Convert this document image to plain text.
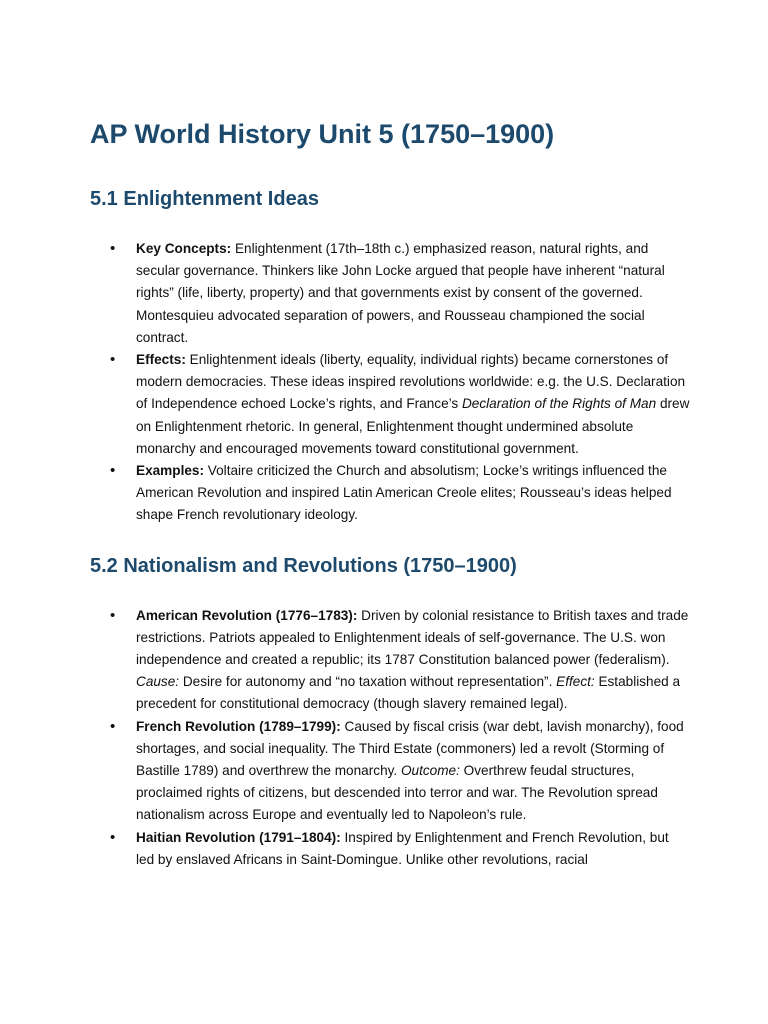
AP World History Unit 5 (1750–1900)
5.1 Enlightenment Ideas
• Key Concepts: Enlightenment (17th–18th c.) emphasized reason, natural rights, and secular governance. Thinkers like John Locke argued that people have inherent “natural rights” (life, liberty, property) and that governments exist by consent of the governed. Montesquieu advocated separation of powers, and Rousseau championed the social contract.
• Effects: Enlightenment ideals (liberty, equality, individual rights) became cornerstones of modern democracies. These ideas inspired revolutions worldwide: e.g. the U.S. Declaration of Independence echoed Locke’s rights, and France’s Declaration of the Rights of Man drew on Enlightenment rhetoric. In general, Enlightenment thought undermined absolute monarchy and encouraged movements toward constitutional government.
• Examples: Voltaire criticized the Church and absolutism; Locke’s writings influenced the American Revolution and inspired Latin American Creole elites; Rousseau’s ideas helped shape French revolutionary ideology.
5.2 Nationalism and Revolutions (1750–1900)
• American Revolution (1776–1783): Driven by colonial resistance to British taxes and trade restrictions. Patriots appealed to Enlightenment ideals of self-governance. The U.S. won independence and created a republic; its 1787 Constitution balanced power (federalism). Cause: Desire for autonomy and “no taxation without representation”. Effect: Established a precedent for constitutional democracy (though slavery remained legal).
• French Revolution (1789–1799): Caused by fiscal crisis (war debt, lavish monarchy), food shortages, and social inequality. The Third Estate (commoners) led a revolt (Storming of Bastille 1789) and overthrew the monarchy. Outcome: Overthrew feudal structures, proclaimed rights of citizens, but descended into terror and war. The Revolution spread nationalism across Europe and eventually led to Napoleon’s rule.
• Haitian Revolution (1791–1804): Inspired by Enlightenment and French Revolution, but led by enslaved Africans in Saint-Domingue. Unlike other revolutions, racial
